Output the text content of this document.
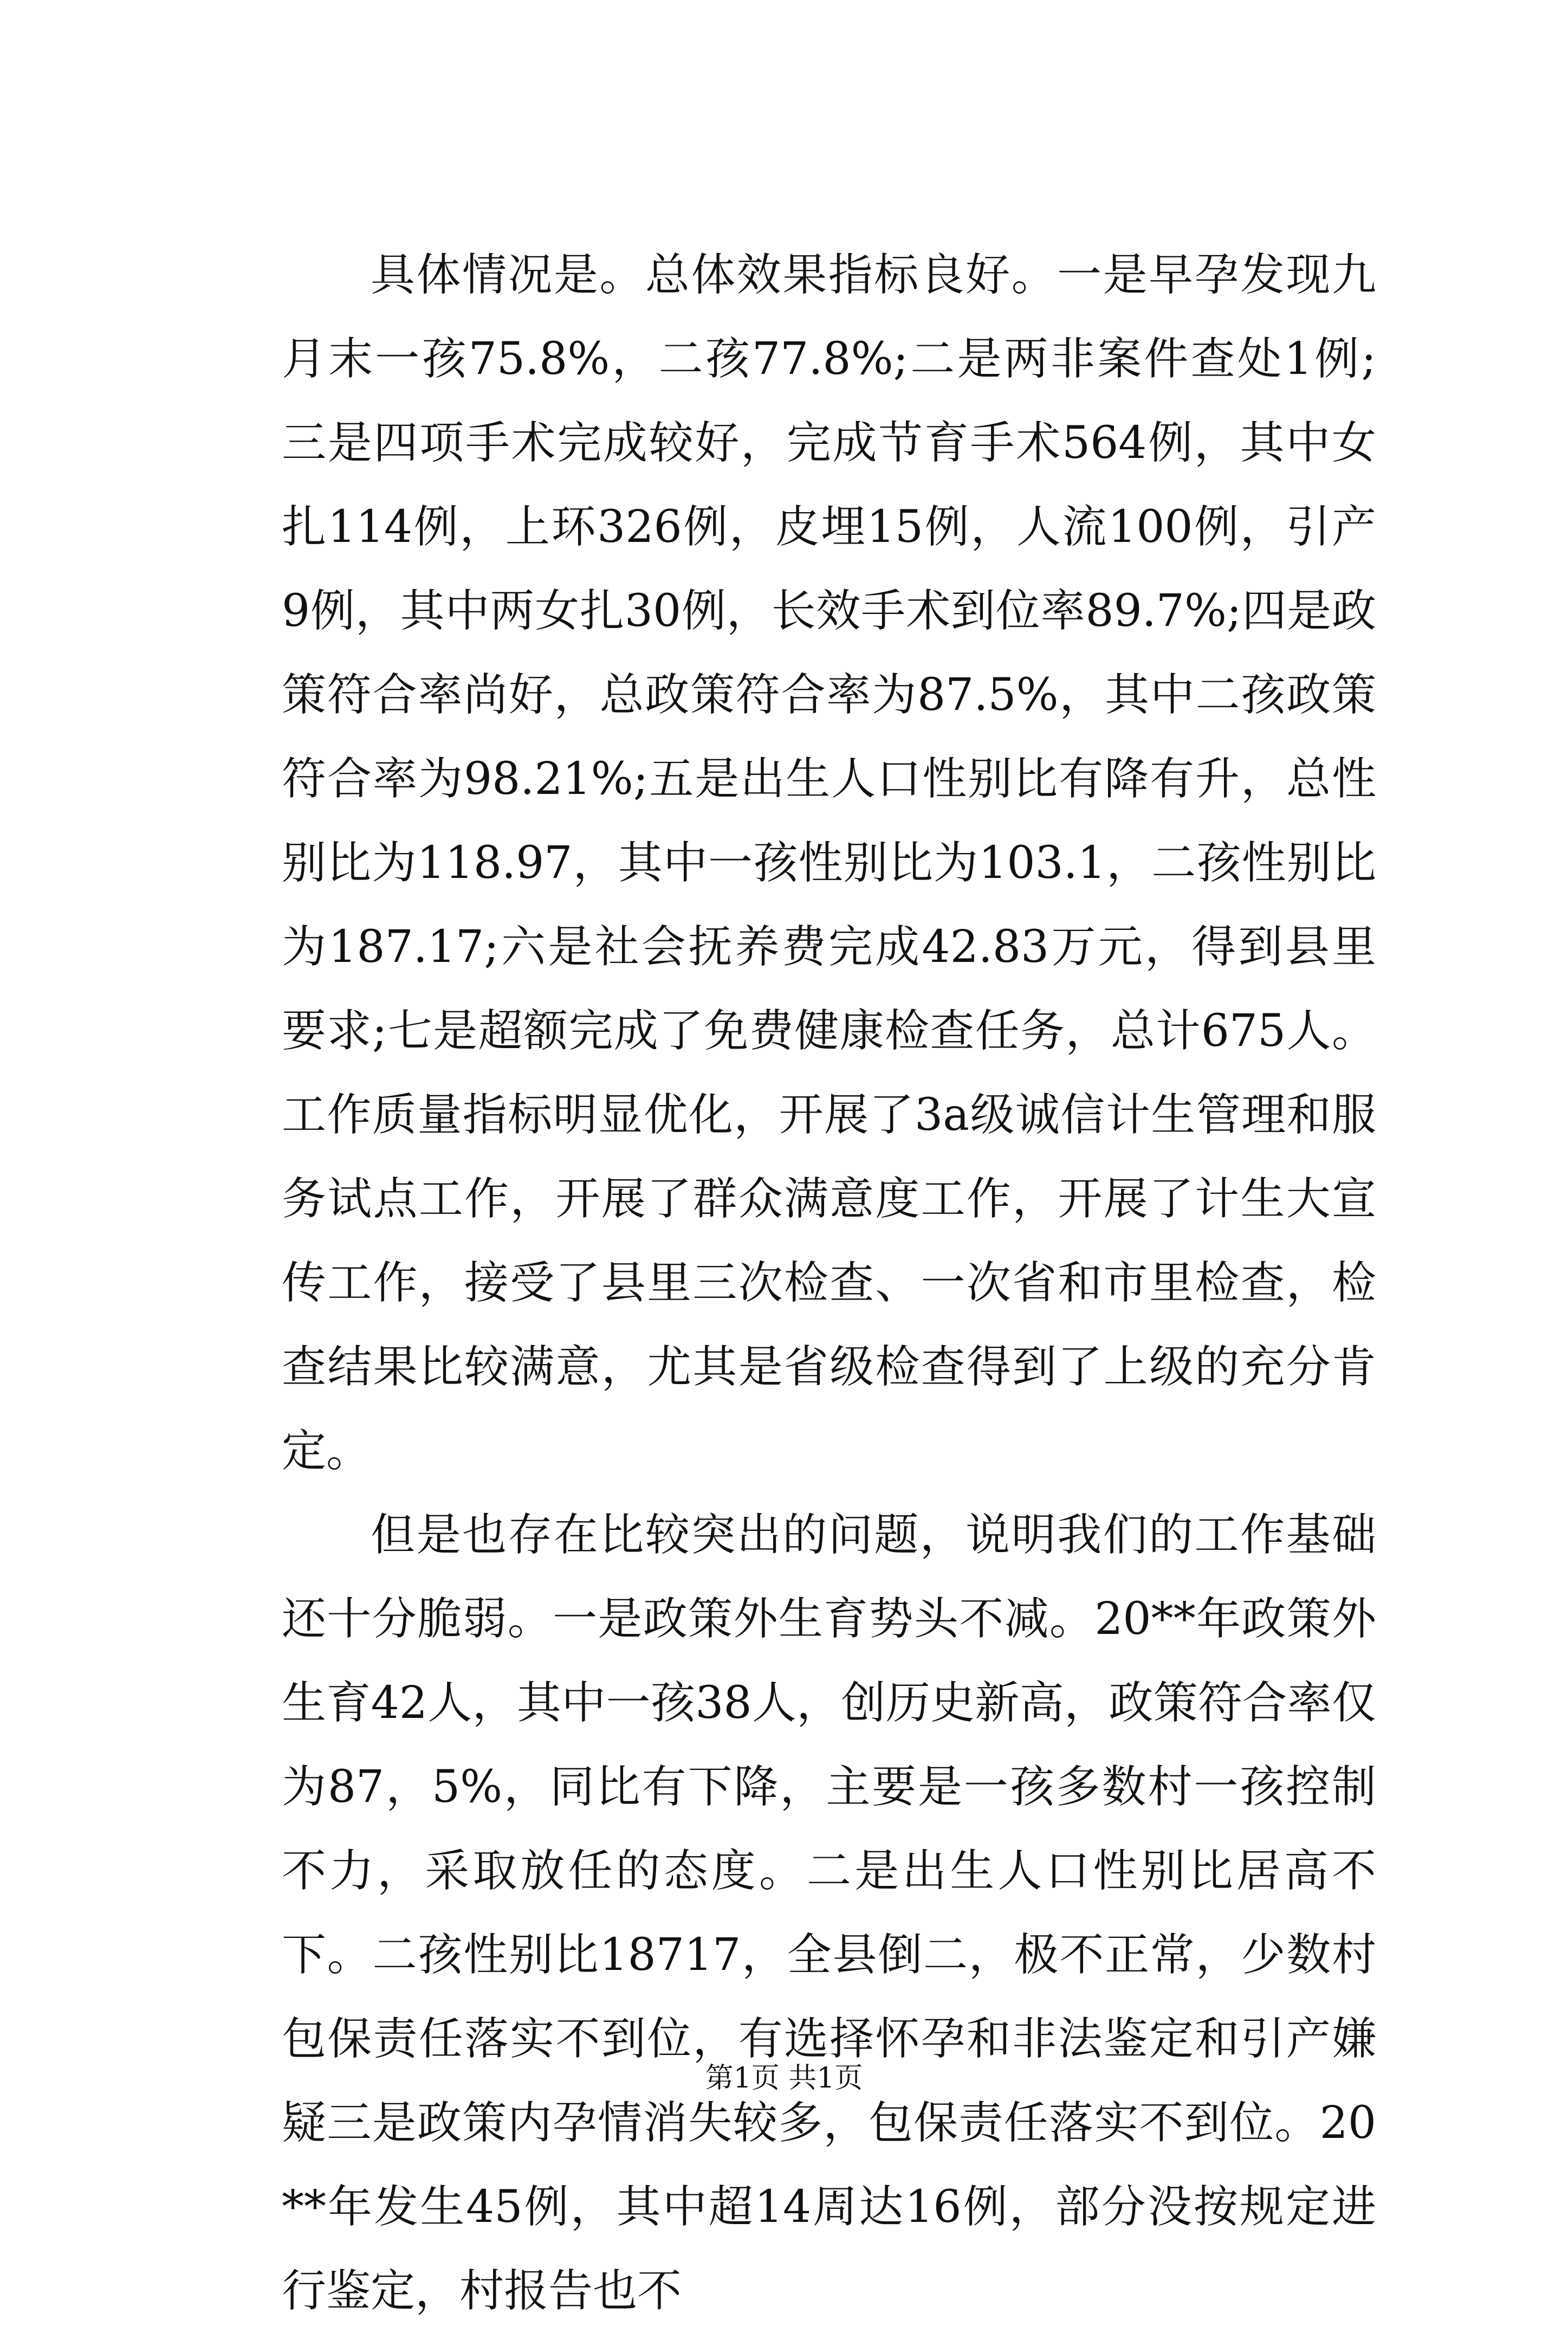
具体情况是。总体效果指标良好。一是早孕发现九月末一孩75.8%，二孩77.8%;二是两非案件查处1例;三是四项手术完成较好，完成节育手术564例，其中女扎114例，上环326例，皮埋15例，人流100例，引产9例，其中两女扎30例，长效手术到位率89.7%;四是政策符合率尚好，总政策符合率为87.5%，其中二孩政策符合率为98.21%;五是出生人口性别比有降有升，总性别比为118.97，其中一孩性别比为103.1，二孩性别比为187.17;六是社会抚养费完成42.83万元，得到县里要求;七是超额完成了免费健康检查任务，总计675人。工作质量指标明显优化，开展了3a级诚信计生管理和服务试点工作，开展了群众满意度工作，开展了计生大宣传工作，接受了县里三次检查、一次省和市里检查，检查结果比较满意，尤其是省级检查得到了上级的充分肯定。

但是也存在比较突出的问题，说明我们的工作基础还十分脆弱。一是政策外生育势头不减。20**年政策外生育42人，其中一孩38人，创历史新高，政策符合率仅为87，5%，同比有下降，主要是一孩多数村一孩控制不力，采取放任的态度。二是出生人口性别比居高不下。二孩性别比18717，全县倒二，极不正常，少数村包保责任落实不到位，有选择怀孕和非法鉴定和引产嫌疑三是政策内孕情消失较多，包保责任落实不到位。20**年发生45例，其中超14周达16例，部分没按规定进行鉴定，村报告也不

第1页 共1页
